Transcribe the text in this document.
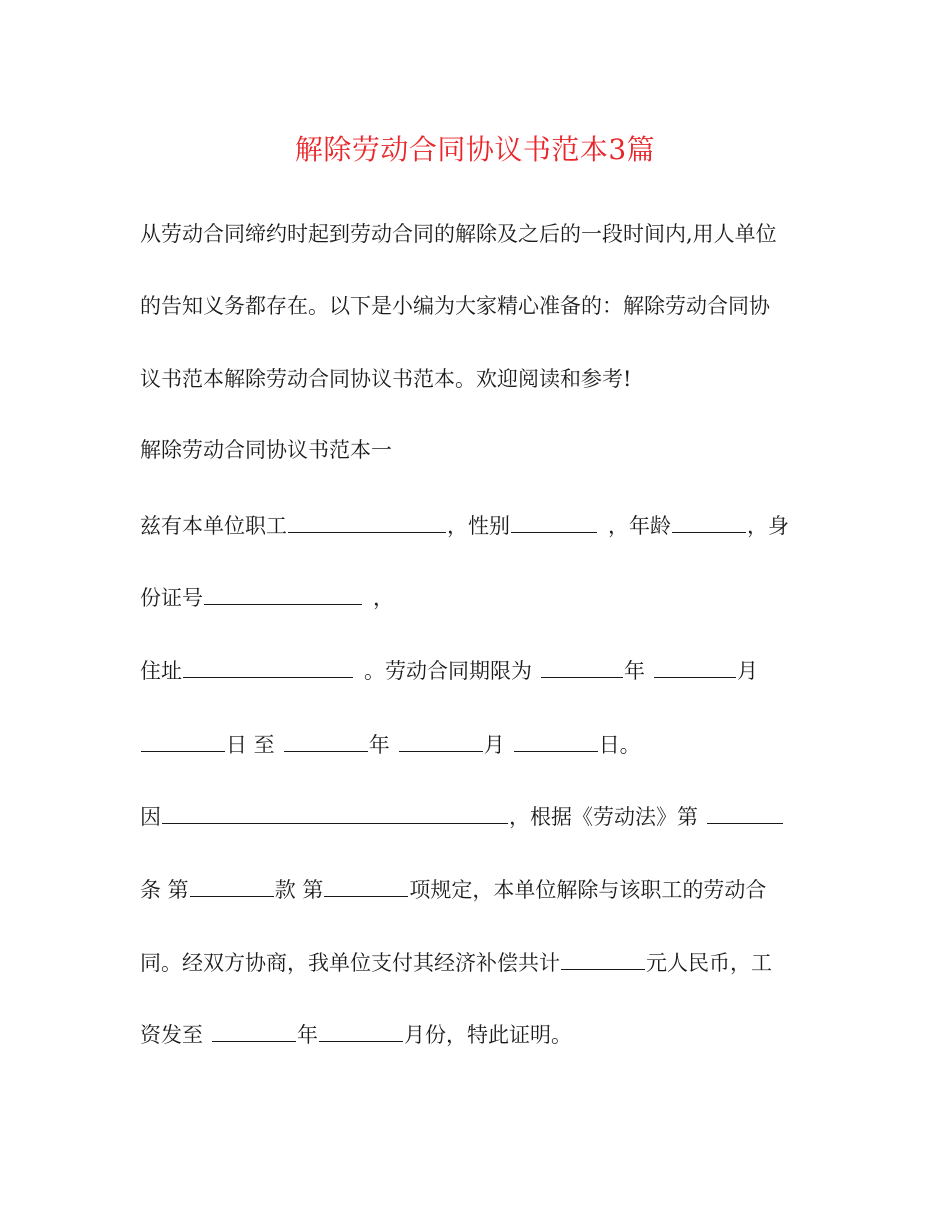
解除劳动合同协议书范本3篇
从劳动合同缔约时起到劳动合同的解除及之后的一段时间内,用人单位
的告知义务都存在。以下是小编为大家精心准备的：解除劳动合同协
议书范本解除劳动合同协议书范本。欢迎阅读和参考!
解除劳动合同协议书范本一
兹有本单位职工	，性别	，年龄	，身
份证号	，
住址	。劳动合同期限为	年	月
日 至	年	月	日。
因	，根据《劳动法》第
条 第	款 第	项规定，本单位解除与该职工的劳动合
同。经双方协商，我单位支付其经济补偿共计	元人民币，工
资发至	年	月份，特此证明。
